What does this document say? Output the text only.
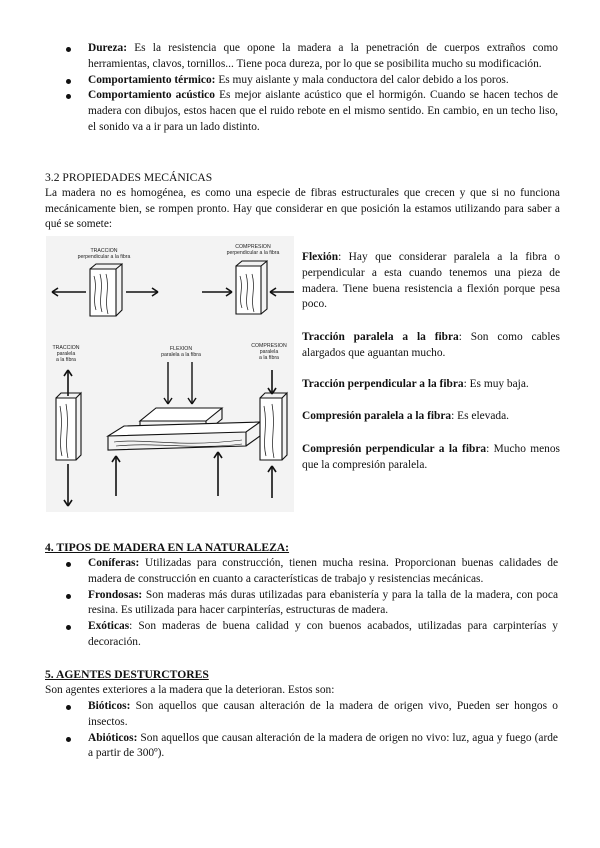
Dureza: Es la resistencia que opone la madera a la penetración de cuerpos extraños como herramientas, clavos, tornillos... Tiene poca dureza, por lo que se posibilita mucho su modificación.
Comportamiento térmico: Es muy aislante y mala conductora del calor debido a los poros.
Comportamiento acústico Es mejor aislante acústico que el hormigón. Cuando se hacen techos de madera con dibujos, estos hacen que el ruido rebote en el mismo sentido. En cambio, en un techo liso, el sonido va a ir para un lado distinto.
3.2 PROPIEDADES MECÁNICAS
La madera no es homogénea, es como una especie de fibras estructurales que crecen y que si no funciona mecánicamente bien, se rompen pronto. Hay que considerar en que posición la estamos utilizando para saber a qué se somete:
TRACCION perpendicular a la fibra
COMPRESION perpendicular a la fibra
TRACCION paralela a la fibra
FLEXION paralela a la fibra
COMPRESION paralela a la fibra
Flexión: Hay que considerar paralela a la fibra o perpendicular a esta cuando tenemos una pieza de madera. Tiene buena resistencia a flexión porque pesa poco.
Tracción paralela a la fibra: Son como cables alargados que aguantan mucho.
Tracción perpendicular a la fibra: Es muy baja.
Compresión paralela a la fibra: Es elevada.
Compresión perpendicular a la fibra: Mucho menos que la compresión paralela.
4. TIPOS DE MADERA EN LA NATURALEZA:
Coníferas: Utilizadas para construcción, tienen mucha resina. Proporcionan buenas calidades de madera de construcción en cuanto a características de trabajo y resistencias mecánicas.
Frondosas: Son maderas más duras utilizadas para ebanistería y para la talla de la madera, con poca resina. Es utilizada para hacer carpinterías, estructuras de madera.
Exóticas: Son maderas de buena calidad y con buenos acabados, utilizadas para carpinterías y decoración.
5. AGENTES DESTURCTORES
Son agentes exteriores a la madera que la deterioran. Estos son:
Bióticos: Son aquellos que causan alteración de la madera de origen vivo, Pueden ser hongos o insectos.
Abióticos: Son aquellos que causan alteración de la madera de origen no vivo: luz, agua y fuego (arde a partir de 300º).
